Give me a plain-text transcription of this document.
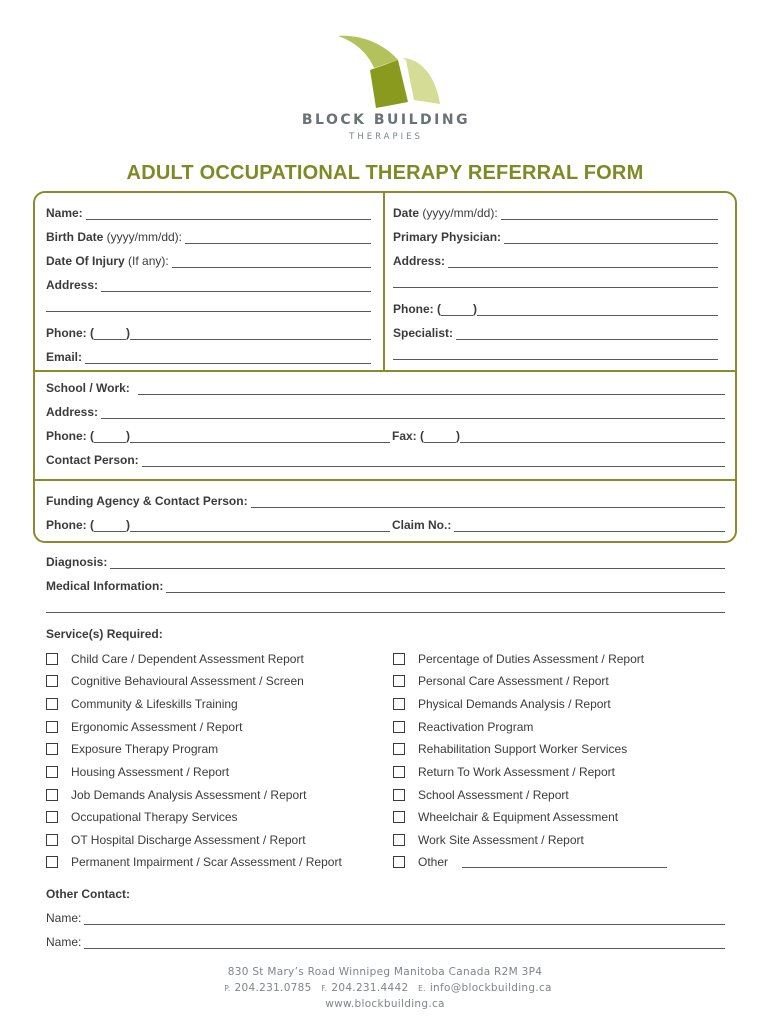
BLOCK BUILDING
THERAPIES
ADULT OCCUPATIONAL THERAPY REFERRAL FORM
Name:
Birth Date (yyyy/mm/dd):
Date Of Injury (If any):
Address:
Phone: (	)
Email:
Date (yyyy/mm/dd):
Primary Physician:
Address:
Phone: (	)
Specialist:
School / Work:
Address:
Phone: (	)	Fax: (	)
Contact Person:
Funding Agency & Contact Person:
Phone: (	)	Claim No.:
Diagnosis:
Medical Information:
Service(s) Required:
Child Care / Dependent Assessment Report
Cognitive Behavioural Assessment / Screen
Community & Lifeskills Training
Ergonomic Assessment / Report
Exposure Therapy Program
Housing Assessment / Report
Job Demands Analysis Assessment / Report
Occupational Therapy Services
OT Hospital Discharge Assessment / Report
Permanent Impairment / Scar Assessment / Report
Percentage of Duties Assessment / Report
Personal Care Assessment / Report
Physical Demands Analysis / Report
Reactivation Program
Rehabilitation Support Worker Services
Return To Work Assessment / Report
School Assessment / Report
Wheelchair & Equipment Assessment
Work Site Assessment / Report
Other
Other Contact:
Name:
Name:
830 St Mary’s Road Winnipeg Manitoba Canada R2M 3P4
P. 204.231.0785 F. 204.231.4442 E. info@blockbuilding.ca
www.blockbuilding.ca
